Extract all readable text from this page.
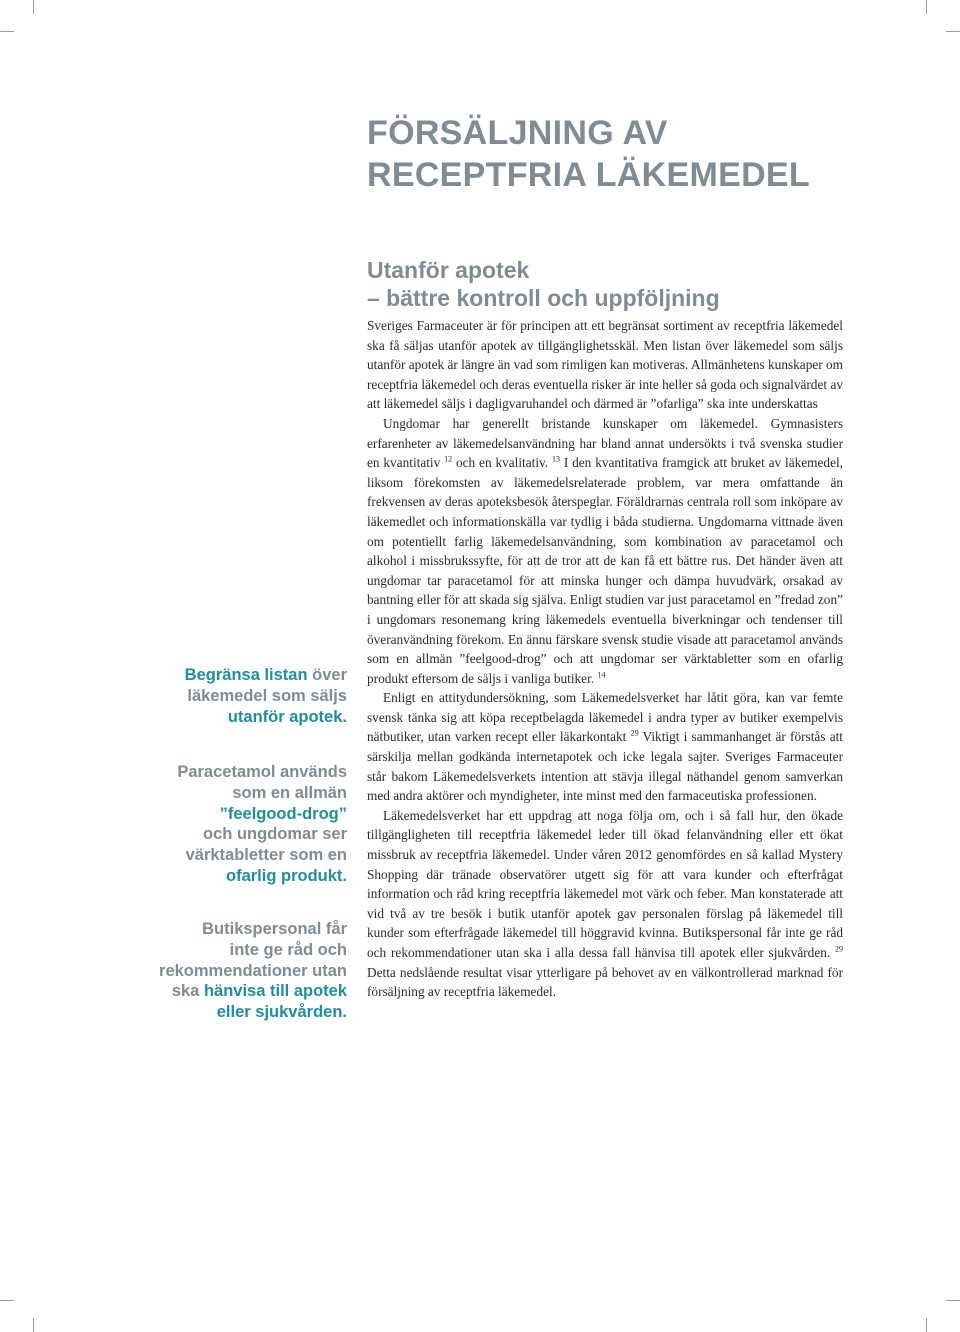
FÖRSÄLJNING AV
RECEPTFRIA LÄKEMEDEL
Utanför apotek
– bättre kontroll och uppföljning
Begränsa listan över
läkemedel som säljs
utanför apotek.
Paracetamol används
som en allmän
”feelgood-drog”
och ungdomar ser
värktabletter som en
ofarlig produkt.
Butikspersonal får
inte ge råd och
rekommendationer utan
ska hänvisa till apotek
eller sjukvården.

Sveriges Farmaceuter är för principen att ett begränsat sortiment av receptfria läkemedel ska få säljas utanför apotek av tillgänglighetsskäl. Men listan över läkemedel som säljs utanför apotek är längre än vad som rimligen kan motiveras. Allmänhetens kunskaper om receptfria läkemedel och deras eventuella risker är inte heller så goda och signalvärdet av att läkemedel säljs i dagligvaruhandel och därmed är ”ofarliga” ska inte underskattas

Ungdomar har generellt bristande kunskaper om läkemedel. Gymnasisters erfarenheter av läkemedelsanvändning har bland annat undersökts i två svenska studier en kvantitativ $^{12}$ och en kvalitativ. $^{13}$ I den kvantitativa framgick att bruket av läkemedel, liksom förekomsten av läkemedelsrelaterade problem, var mera omfattande än frekvensen av deras apoteksbesök återspeglar. Föräldrarnas centrala roll som inköpare av läkemedlet och informationskälla var tydlig i båda studierna. Ungdomarna vittnade även om potentiellt farlig läkemedelsanvändning, som kombination av paracetamol och alkohol i missbrukssyfte, för att de tror att de kan få ett bättre rus. Det händer även att ungdomar tar paracetamol för att minska hunger och dämpa huvudvärk, orsakad av bantning eller för att skada sig själva. Enligt studien var just paracetamol en ”fredad zon” i ungdomars resonemang kring läkemedels eventuella biverkningar och tendenser till överanvändning förekom. En ännu färskare svensk studie visade att paracetamol används som en allmän ”feelgood-drog” och att ungdomar ser värktabletter som en ofarlig produkt eftersom de säljs i vanliga butiker. $^{14}$

Enligt en attitydundersökning, som Läkemedelsverket har låtit göra, kan var femte svensk tänka sig att köpa receptbelagda läkemedel i andra typer av butiker exempelvis nätbutiker, utan varken recept eller läkarkontakt $^{29}$ Viktigt i sammanhanget är förstås att särskilja mellan godkända internetapotek och icke legala sajter. Sveriges Farmaceuter står bakom Läkemedelsverkets intention att stävja illegal näthandel genom samverkan med andra aktörer och myndigheter, inte minst med den farmaceutiska professionen.

Läkemedelsverket har ett uppdrag att noga följa om, och i så fall hur, den ökade tillgängligheten till receptfria läkemedel leder till ökad felanvändning eller ett ökat missbruk av receptfria läkemedel. Under våren 2012 genomfördes en så kallad Mystery Shopping där tränade observatörer utgett sig för att vara kunder och efterfrågat information och råd kring receptfria läkemedel mot värk och feber. Man konstaterade att vid två av tre besök i butik utanför apotek gav personalen förslag på läkemedel till kunder som efterfrågade läkemedel till höggravid kvinna. Butikspersonal får inte ge råd och rekommendationer utan ska i alla dessa fall hänvisa till apotek eller sjukvården. $^{29}$ Detta nedslående resultat visar ytterligare på behovet av en välkontrollerad marknad för försäljning av receptfria läkemedel.
